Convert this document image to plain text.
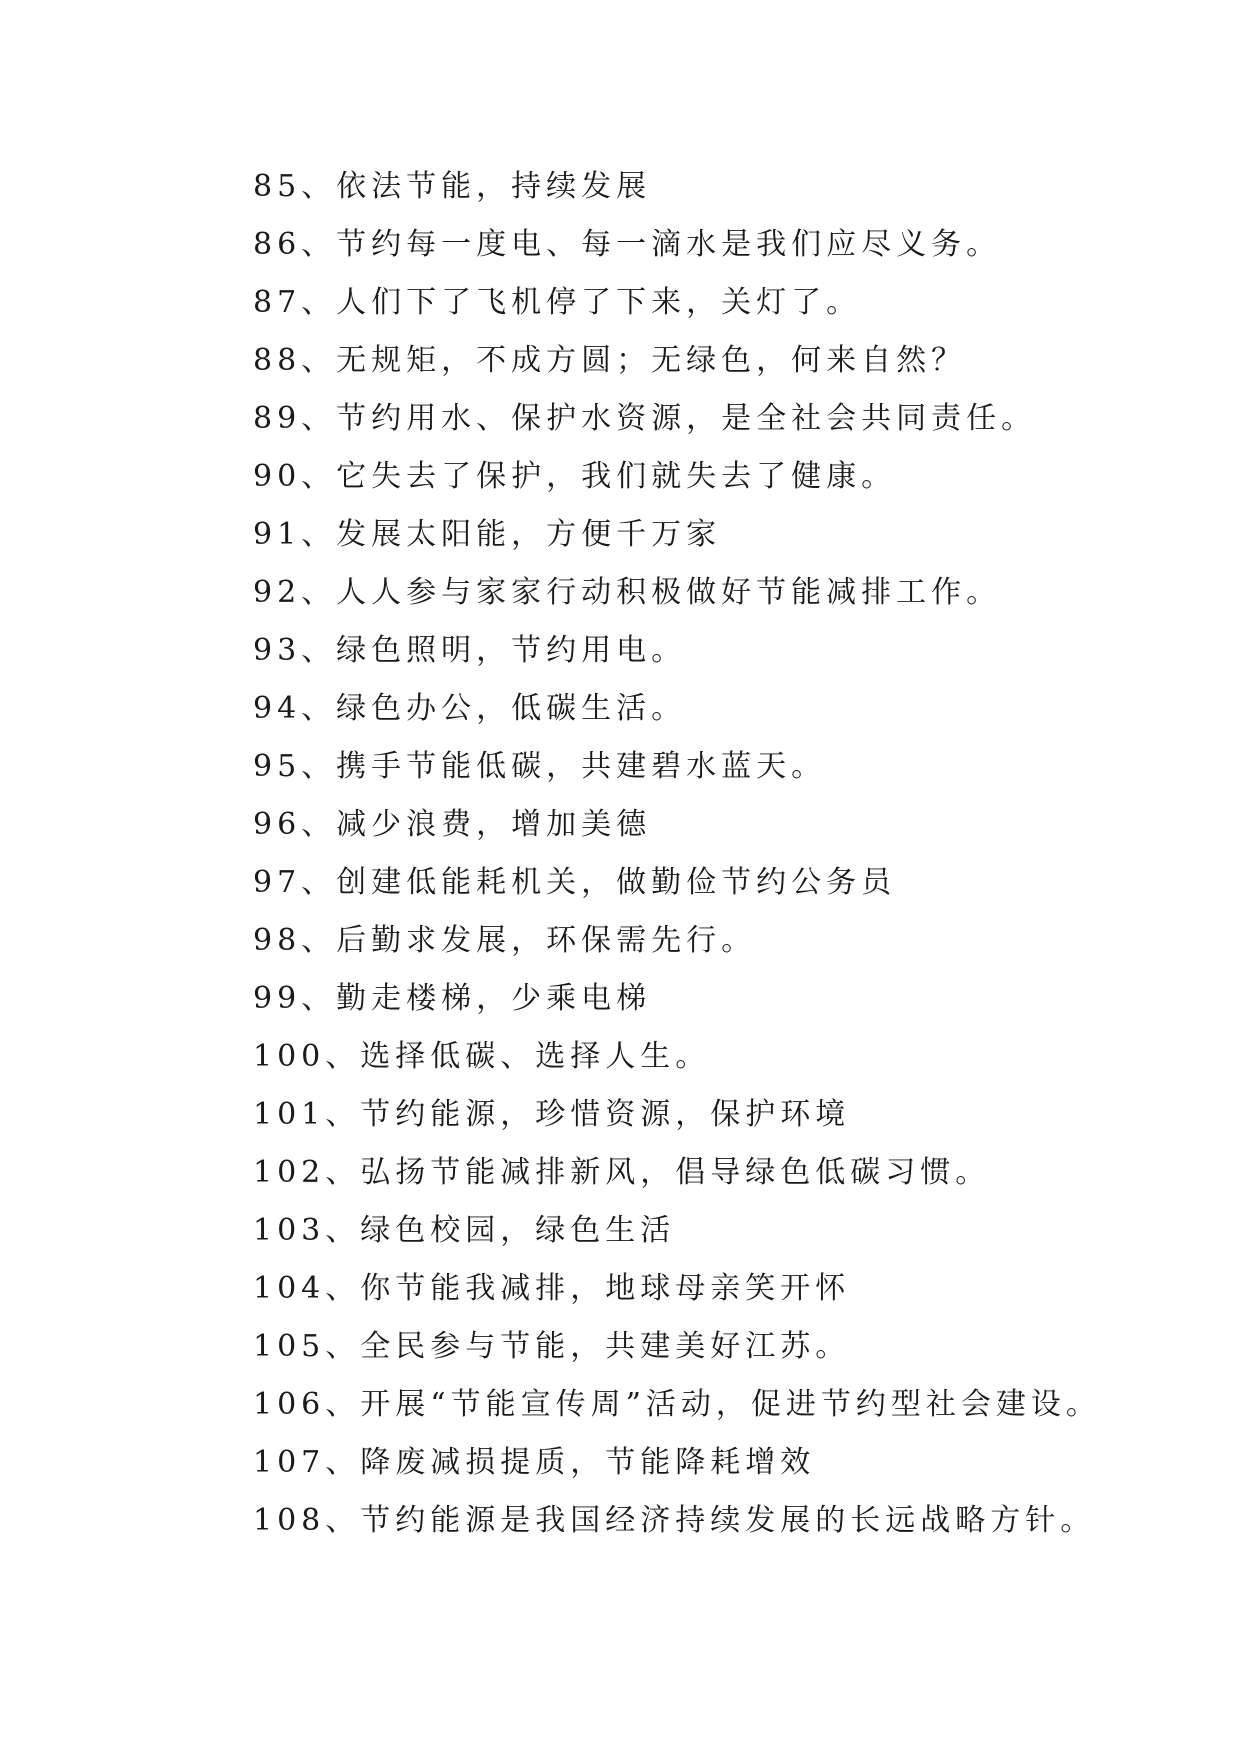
85、依法节能，持续发展
86、节约每一度电、每一滴水是我们应尽义务。
87、人们下了飞机停了下来，关灯了。
88、无规矩，不成方圆；无绿色，何来自然？
89、节约用水、保护水资源，是全社会共同责任。
90、它失去了保护，我们就失去了健康。
91、发展太阳能，方便千万家
92、人人参与家家行动积极做好节能减排工作。
93、绿色照明，节约用电。
94、绿色办公，低碳生活。
95、携手节能低碳，共建碧水蓝天。
96、减少浪费，增加美德
97、创建低能耗机关，做勤俭节约公务员
98、后勤求发展，环保需先行。
99、勤走楼梯，少乘电梯
100、选择低碳、选择人生。
101、节约能源，珍惜资源，保护环境
102、弘扬节能减排新风，倡导绿色低碳习惯。
103、绿色校园，绿色生活
104、你节能我减排，地球母亲笑开怀
105、全民参与节能，共建美好江苏。
106、开展“节能宣传周”活动，促进节约型社会建设。
107、降废减损提质，节能降耗增效
108、节约能源是我国经济持续发展的长远战略方针。
